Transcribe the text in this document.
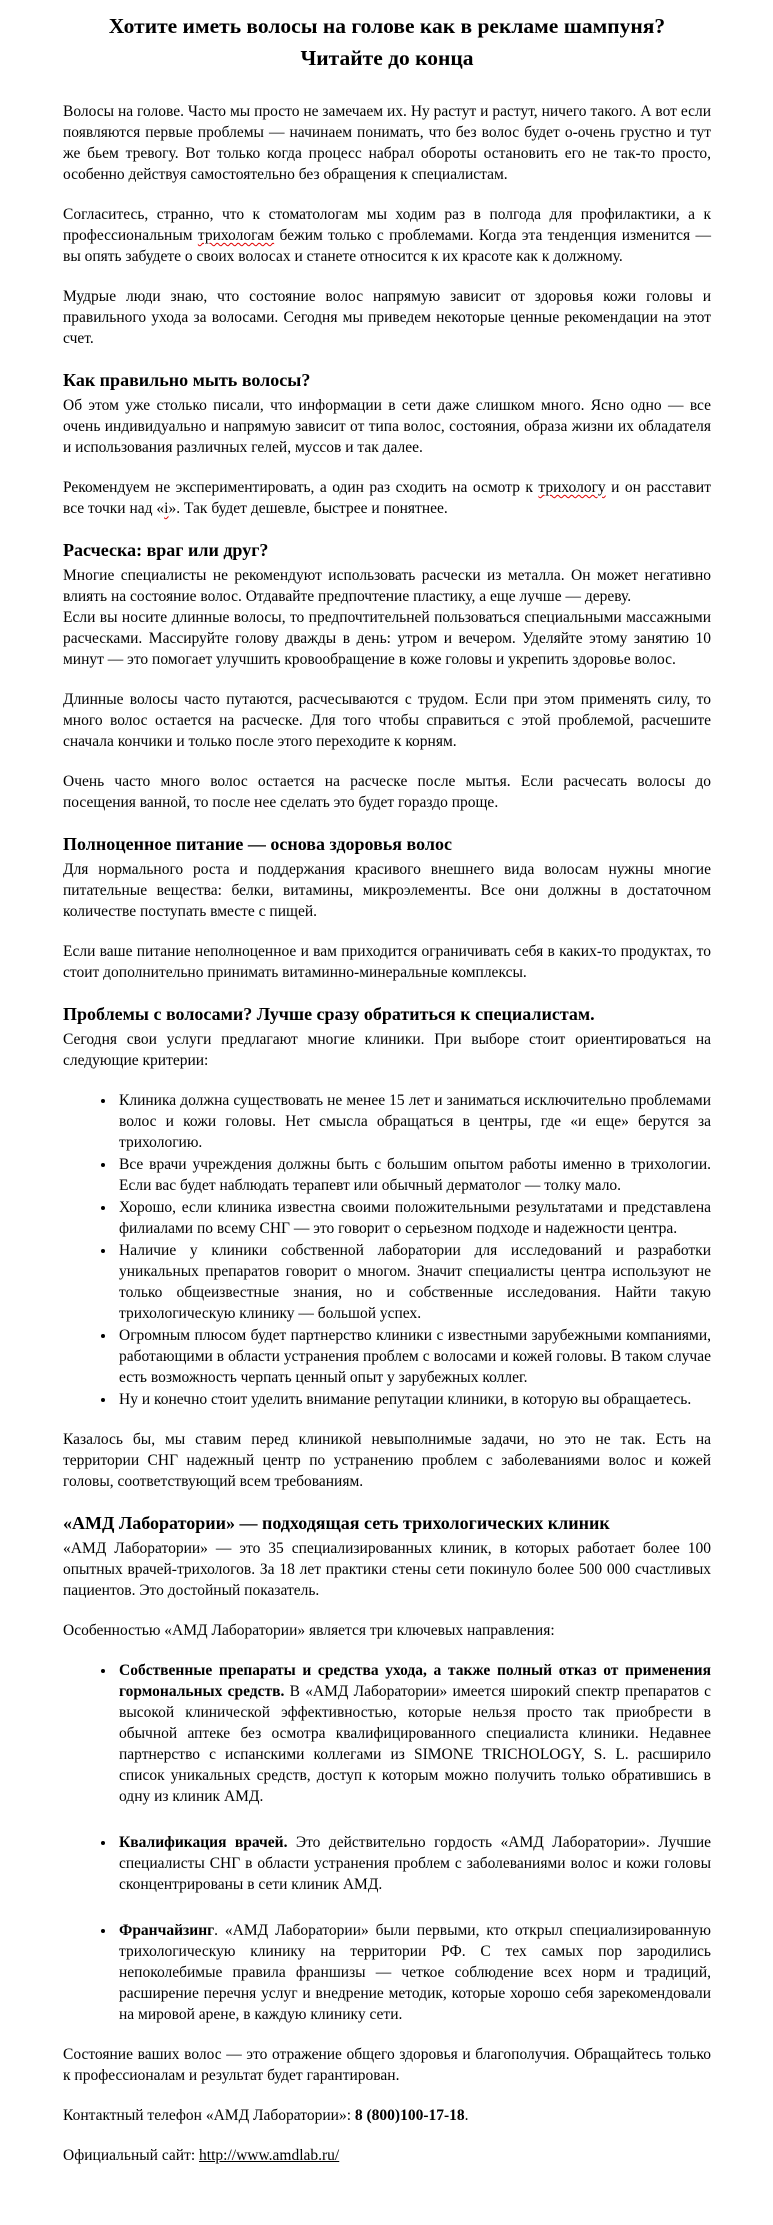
Хотите иметь волосы на голове как в рекламе шампуня? Читайте до конца

Волосы на голове. Часто мы просто не замечаем их. Ну растут и растут, ничего такого. А вот если появляются первые проблемы — начинаем понимать, что без волос будет о-очень грустно и тут же бьем тревогу. Вот только когда процесс набрал обороты остановить его не так-то просто, особенно действуя самостоятельно без обращения к специалистам.

Согласитесь, странно, что к стоматологам мы ходим раз в полгода для профилактики, а к профессиональным трихологам бежим только с проблемами. Когда эта тенденция изменится — вы опять забудете о своих волосах и станете относится к их красоте как к должному.

Мудрые люди знаю, что состояние волос напрямую зависит от здоровья кожи головы и правильного ухода за волосами. Сегодня мы приведем некоторые ценные рекомендации на этот счет.

Как правильно мыть волосы?

Об этом уже столько писали, что информации в сети даже слишком много. Ясно одно — все очень индивидуально и напрямую зависит от типа волос, состояния, образа жизни их обладателя и использования различных гелей, муссов и так далее.

Рекомендуем не экспериментировать, а один раз сходить на осмотр к трихологу и он расставит все точки над «i». Так будет дешевле, быстрее и понятнее.

Расческа: враг или друг?

Многие специалисты не рекомендуют использовать расчески из металла. Он может негативно влиять на состояние волос. Отдавайте предпочтение пластику, а еще лучше — дереву.
Если вы носите длинные волосы, то предпочтительней пользоваться специальными массажными расческами. Массируйте голову дважды в день: утром и вечером. Уделяйте этому занятию 10 минут — это помогает улучшить кровообращение в коже головы и укрепить здоровье волос.

Длинные волосы часто путаются, расчесываются с трудом. Если при этом применять силу, то много волос остается на расческе. Для того чтобы справиться с этой проблемой, расчешите сначала кончики и только после этого переходите к корням.

Очень часто много волос остается на расческе после мытья. Если расчесать волосы до посещения ванной, то после нее сделать это будет гораздо проще.

Полноценное питание — основа здоровья волос

Для нормального роста и поддержания красивого внешнего вида волосам нужны многие питательные вещества: белки, витамины, микроэлементы. Все они должны в достаточном количестве поступать вместе с пищей.

Если ваше питание неполноценное и вам приходится ограничивать себя в каких-то продуктах, то стоит дополнительно принимать витаминно-минеральные комплексы.

Проблемы с волосами? Лучше сразу обратиться к специалистам.

Сегодня свои услуги предлагают многие клиники. При выборе стоит ориентироваться на следующие критерии:

• Клиника должна существовать не менее 15 лет и заниматься исключительно проблемами волос и кожи головы. Нет смысла обращаться в центры, где «и еще» берутся за трихологию.
• Все врачи учреждения должны быть с большим опытом работы именно в трихологии. Если вас будет наблюдать терапевт или обычный дерматолог — толку мало.
• Хорошо, если клиника известна своими положительными результатами и представлена филиалами по всему СНГ — это говорит о серьезном подходе и надежности центра.
• Наличие у клиники собственной лаборатории для исследований и разработки уникальных препаратов говорит о многом. Значит специалисты центра используют не только общеизвестные знания, но и собственные исследования. Найти такую трихологическую клинику — большой успех.
• Огромным плюсом будет партнерство клиники с известными зарубежными компаниями, работающими в области устранения проблем с волосами и кожей головы. В таком случае есть возможность черпать ценный опыт у зарубежных коллег.
• Ну и конечно стоит уделить внимание репутации клиники, в которую вы обращаетесь.

Казалось бы, мы ставим перед клиникой невыполнимые задачи, но это не так. Есть на территории СНГ надежный центр по устранению проблем с заболеваниями волос и кожей головы, соответствующий всем требованиям.

«АМД Лаборатории» — подходящая сеть трихологических клиник

«АМД Лаборатории» — это 35 специализированных клиник, в которых работает более 100 опытных врачей-трихологов. За 18 лет практики стены сети покинуло более 500 000 счастливых пациентов. Это достойный показатель.

Особенностью «АМД Лаборатории» является три ключевых направления:

• Собственные препараты и средства ухода, а также полный отказ от применения гормональных средств. В «АМД Лаборатории» имеется широкий спектр препаратов с высокой клинической эффективностью, которые нельзя просто так приобрести в обычной аптеке без осмотра квалифицированного специалиста клиники. Недавнее партнерство с испанскими коллегами из SIMONE TRICHOLOGY, S. L. расширило список уникальных средств, доступ к которым можно получить только обратившись в одну из клиник АМД.
• Квалификация врачей. Это действительно гордость «АМД Лаборатории». Лучшие специалисты СНГ в области устранения проблем с заболеваниями волос и кожи головы сконцентрированы в сети клиник АМД.
• Франчайзинг. «АМД Лаборатории» были первыми, кто открыл специализированную трихологическую клинику на территории РФ. С тех самых пор зародились непоколебимые правила франшизы — четкое соблюдение всех норм и традиций, расширение перечня услуг и внедрение методик, которые хорошо себя зарекомендовали на мировой арене, в каждую клинику сети.

Состояние ваших волос — это отражение общего здоровья и благополучия. Обращайтесь только к профессионалам и результат будет гарантирован.

Контактный телефон «АМД Лаборатории»: 8 (800)100-17-18.

Официальный сайт: http://www.amdlab.ru/
